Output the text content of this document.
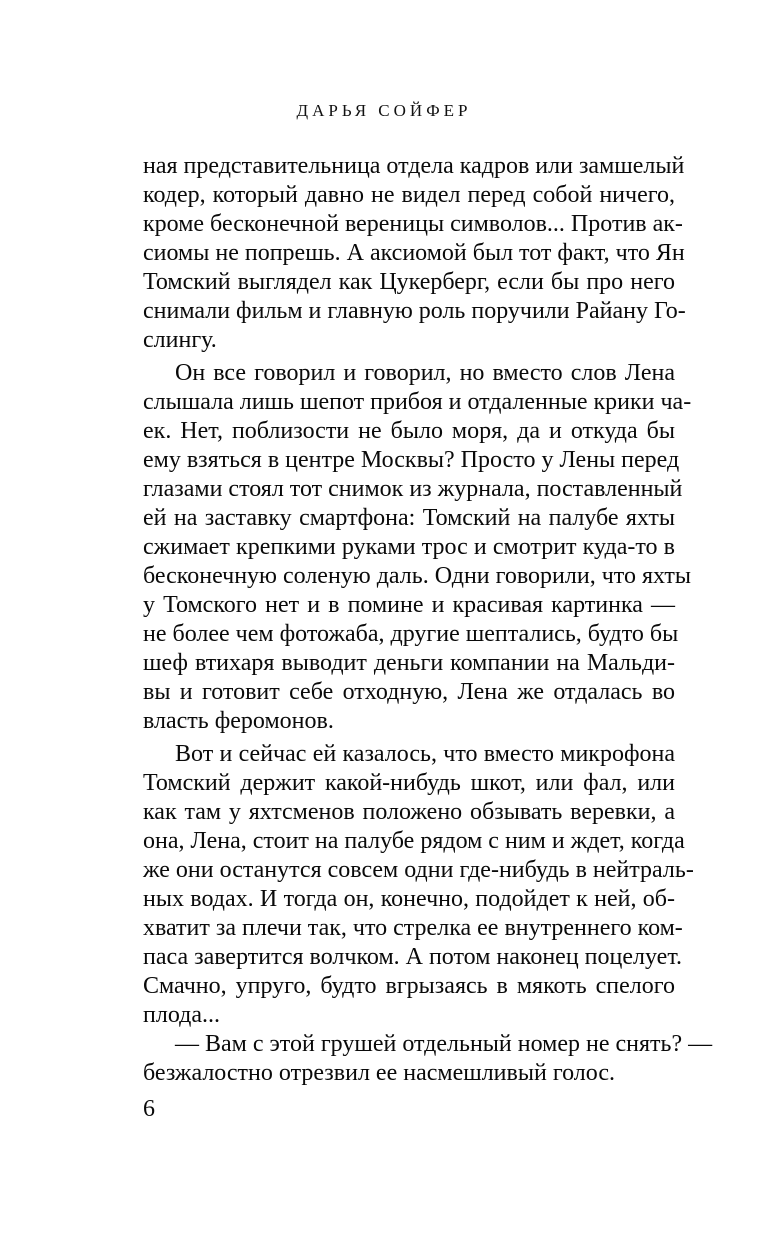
ДАРЬЯ СОЙФЕР
ная представительница отдела кадров или замшелый
кодер, который давно не видел перед собой ничего,
кроме бесконечной вереницы символов... Против ак-
сиомы не попрешь. А аксиомой был тот факт, что Ян
Томский выглядел как Цукерберг, если бы про него
снимали фильм и главную роль поручили Райану Го-
слингу.
Он все говорил и говорил, но вместо слов Лена
слышала лишь шепот прибоя и отдаленные крики ча-
ек. Нет, поблизости не было моря, да и откуда бы
ему взяться в центре Москвы? Просто у Лены перед
глазами стоял тот снимок из журнала, поставленный
ей на заставку смартфона: Томский на палубе яхты
сжимает крепкими руками трос и смотрит куда-то в
бесконечную соленую даль. Одни говорили, что яхты
у Томского нет и в помине и красивая картинка —
не более чем фотожаба, другие шептались, будто бы
шеф втихаря выводит деньги компании на Мальди-
вы и готовит себе отходную, Лена же отдалась во
власть феромонов.
Вот и сейчас ей казалось, что вместо микрофона
Томский держит какой-нибудь шкот, или фал, или
как там у яхтсменов положено обзывать веревки, а
она, Лена, стоит на палубе рядом с ним и ждет, когда
же они останутся совсем одни где-нибудь в нейтраль-
ных водах. И тогда он, конечно, подойдет к ней, об-
хватит за плечи так, что стрелка ее внутреннего ком-
паса завертится волчком. А потом наконец поцелует.
Смачно, упруго, будто вгрызаясь в мякоть спелого
плода...
— Вам с этой грушей отдельный номер не снять? —
безжалостно отрезвил ее насмешливый голос.
6
